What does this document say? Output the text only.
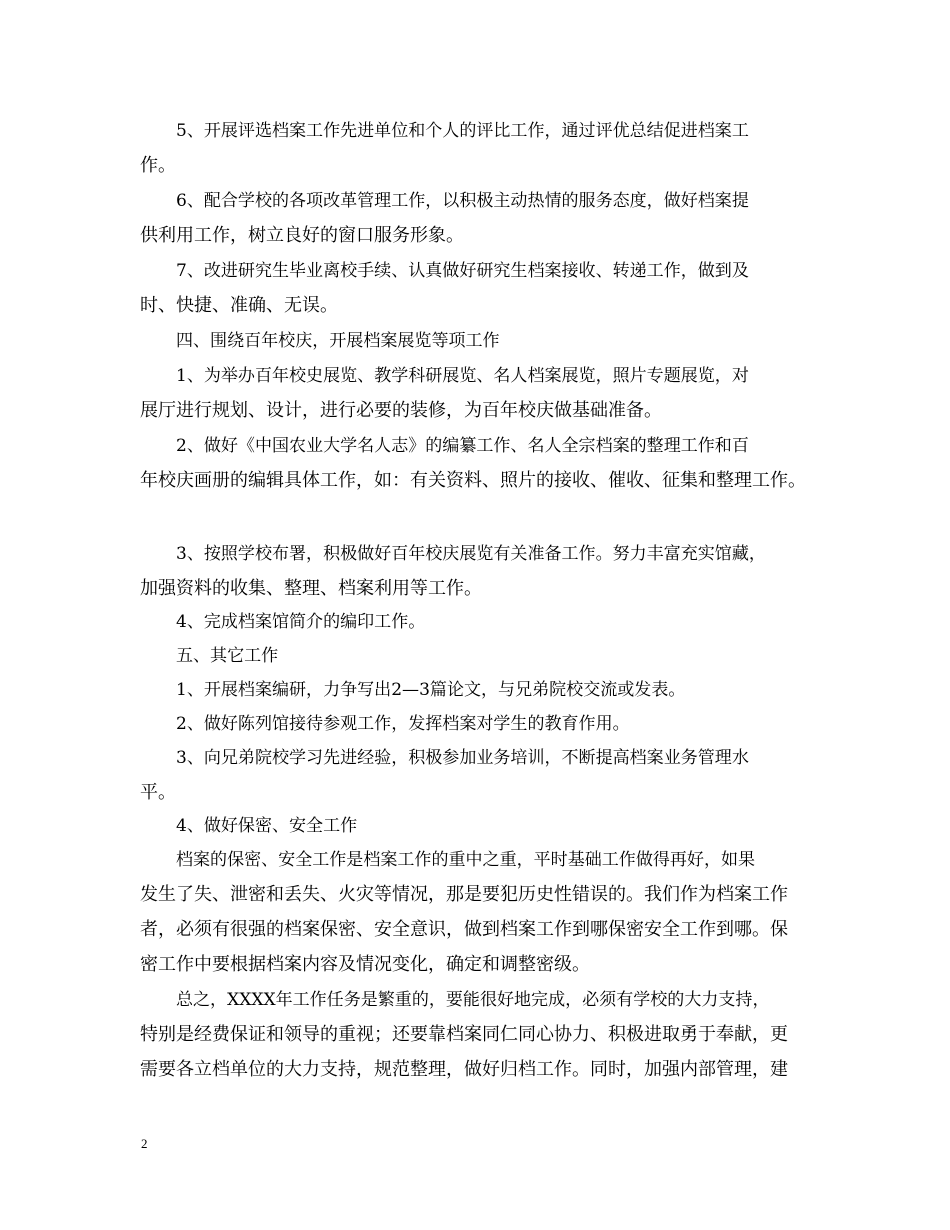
5、开展评选档案工作先进单位和个人的评比工作，通过评优总结促进档案工
作。
6、配合学校的各项改革管理工作，以积极主动热情的服务态度，做好档案提
供利用工作，树立良好的窗口服务形象。
7、改进研究生毕业离校手续、认真做好研究生档案接收、转递工作，做到及
时、快捷、准确、无误。
四、围绕百年校庆，开展档案展览等项工作
1、为举办百年校史展览、教学科研展览、名人档案展览，照片专题展览，对
展厅进行规划、设计，进行必要的装修，为百年校庆做基础准备。
2、做好《中国农业大学名人志》的编纂工作、名人全宗档案的整理工作和百
年校庆画册的编辑具体工作，如：有关资料、照片的接收、催收、征集和整理工作。
3、按照学校布署，积极做好百年校庆展览有关准备工作。努力丰富充实馆藏，
加强资料的收集、整理、档案利用等工作。
4、完成档案馆简介的编印工作。
五、其它工作
1、开展档案编研，力争写出2—3篇论文，与兄弟院校交流或发表。
2、做好陈列馆接待参观工作，发挥档案对学生的教育作用。
3、向兄弟院校学习先进经验，积极参加业务培训，不断提高档案业务管理水
平。
4、做好保密、安全工作
档案的保密、安全工作是档案工作的重中之重，平时基础工作做得再好，如果
发生了失、泄密和丢失、火灾等情况，那是要犯历史性错误的。我们作为档案工作
者，必须有很强的档案保密、安全意识，做到档案工作到哪保密安全工作到哪。保
密工作中要根据档案内容及情况变化，确定和调整密级。
总之，XXXX年工作任务是繁重的，要能很好地完成，必须有学校的大力支持，
特别是经费保证和领导的重视；还要靠档案同仁同心协力、积极进取勇于奉献，更
需要各立档单位的大力支持，规范整理，做好归档工作。同时，加强内部管理，建
2
